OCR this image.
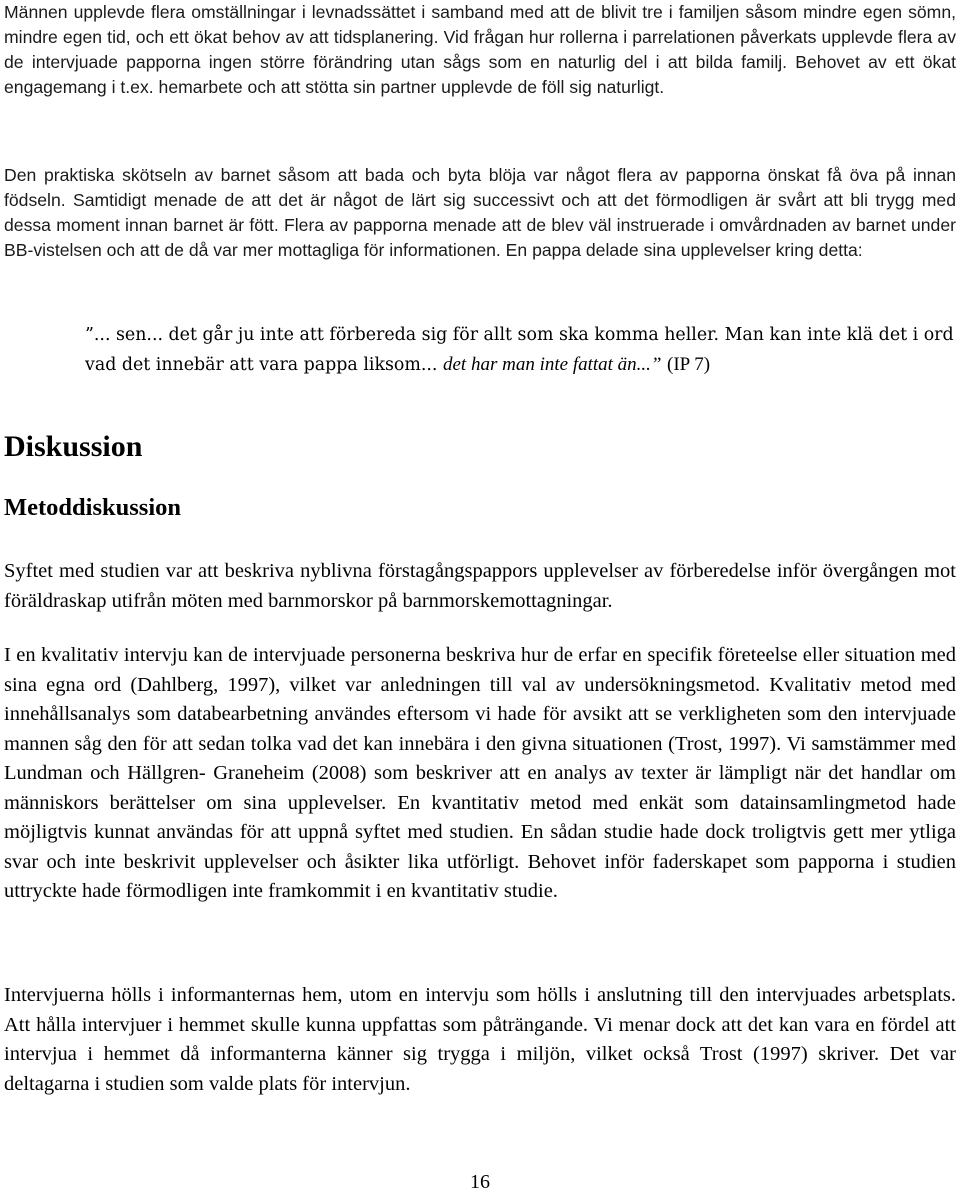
Männen upplevde flera omställningar i levnadssättet i samband med att de blivit tre i familjen såsom mindre egen sömn, mindre egen tid, och ett ökat behov av att tidsplanering. Vid frågan hur rollerna i parrelationen påverkats upplevde flera av de intervjuade papporna ingen större förändring utan sågs som en naturlig del i att bilda familj. Behovet av ett ökat engagemang i t.ex. hemarbete och att stötta sin partner upplevde de föll sig naturligt.

Den praktiska skötseln av barnet såsom att bada och byta blöja var något flera av papporna önskat få öva på innan födseln. Samtidigt menade de att det är något de lärt sig successivt och att det förmodligen är svårt att bli trygg med dessa moment innan barnet är fött. Flera av papporna menade att de blev väl instruerade i omvårdnaden av barnet under BB-vistelsen och att de då var mer mottagliga för informationen. En pappa delade sina upplevelser kring detta:

”... sen... det går ju inte att förbereda sig för allt som ska komma heller. Man kan inte klä det i ord vad det innebär att vara pappa liksom... det har man inte fattat än...” (IP 7)
Diskussion
Metoddiskussion

Syftet med studien var att beskriva nyblivna förstagångspappors upplevelser av förberedelse inför övergången mot föräldraskap utifrån möten med barnmorskor på barnmorskemottagningar.

I en kvalitativ intervju kan de intervjuade personerna beskriva hur de erfar en specifik företeelse eller situation med sina egna ord (Dahlberg, 1997), vilket var anledningen till val av undersökningsmetod. Kvalitativ metod med innehållsanalys som databearbetning användes eftersom vi hade för avsikt att se verkligheten som den intervjuade mannen såg den för att sedan tolka vad det kan innebära i den givna situationen (Trost, 1997). Vi samstämmer med Lundman och Hällgren- Graneheim (2008) som beskriver att en analys av texter är lämpligt när det handlar om människors berättelser om sina upplevelser. En kvantitativ metod med enkät som datainsamlingmetod hade möjligtvis kunnat användas för att uppnå syftet med studien. En sådan studie hade dock troligtvis gett mer ytliga svar och inte beskrivit upplevelser och åsikter lika utförligt. Behovet inför faderskapet som papporna i studien uttryckte hade förmodligen inte framkommit i en kvantitativ studie.

Intervjuerna hölls i informanternas hem, utom en intervju som hölls i anslutning till den intervjuades arbetsplats. Att hålla intervjuer i hemmet skulle kunna uppfattas som påträngande. Vi menar dock att det kan vara en fördel att intervjua i hemmet då informanterna känner sig trygga i miljön, vilket också Trost (1997) skriver. Det var deltagarna i studien som valde plats för intervjun.

16
